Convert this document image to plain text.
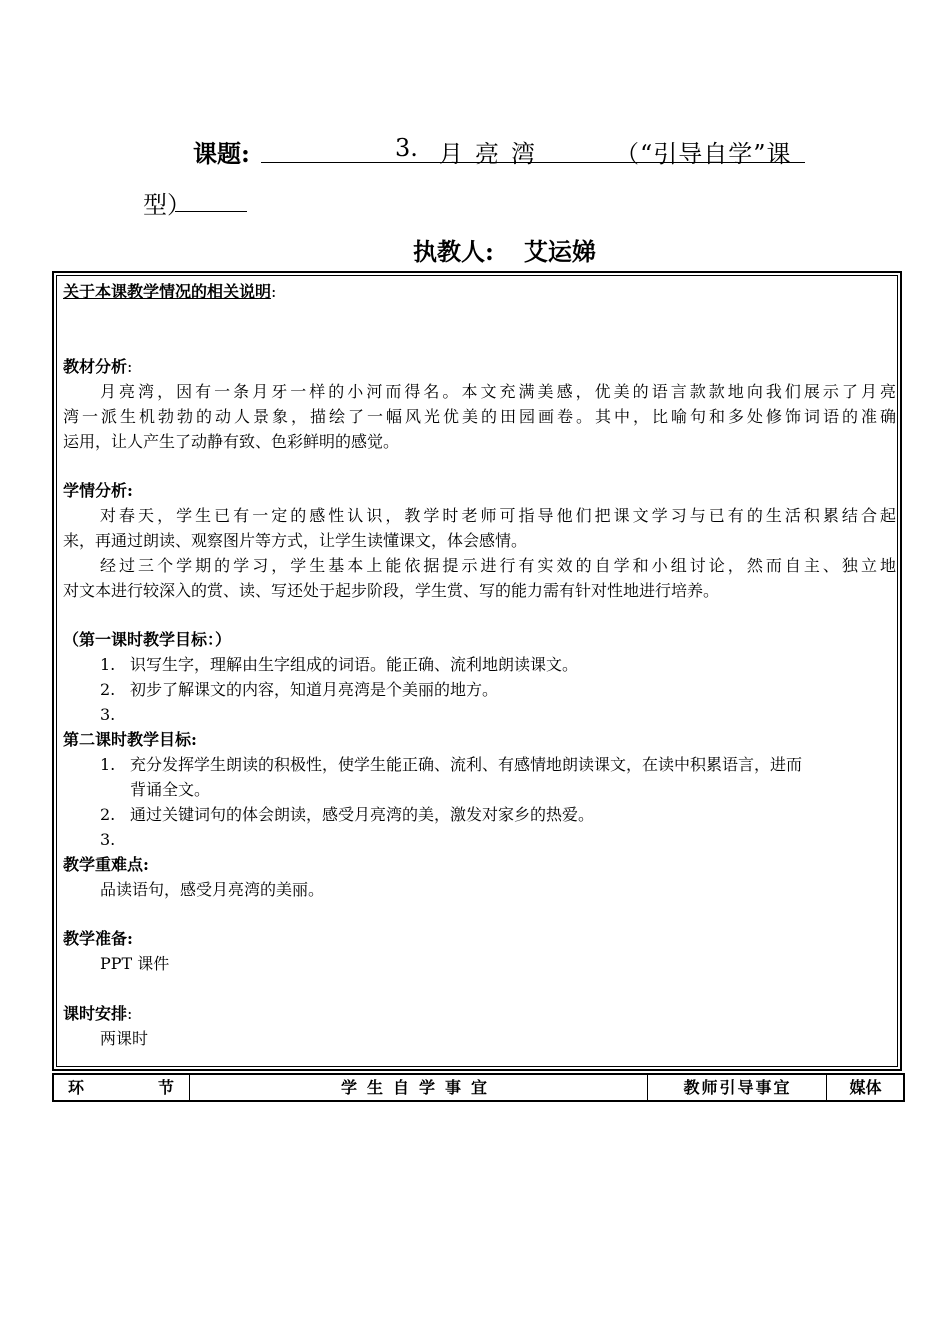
课题:	3. 月亮湾	（“引导自学”课
型）
执教人: 艾运娣
关于本课教学情况的相关说明:
教材分析:
月亮湾，因有一条月牙一样的小河而得名。本文充满美感，优美的语言款款地向我们展示了月亮
湾一派生机勃勃的动人景象，描绘了一幅风光优美的田园画卷。其中，比喻句和多处修饰词语的准确
运用，让人产生了动静有致、色彩鲜明的感觉。
学情分析:
对春天，学生已有一定的感性认识，教学时老师可指导他们把课文学习与已有的生活积累结合起
来，再通过朗读、观察图片等方式，让学生读懂课文，体会感情。
经过三个学期的学习，学生基本上能依据提示进行有实效的自学和小组讨论，然而自主、独立地
对文本进行较深入的赏、读、写还处于起步阶段，学生赏、写的能力需有针对性地进行培养。
（第一课时教学目标：）
1. 识写生字，理解由生字组成的词语。能正确、流利地朗读课文。
2. 初步了解课文的内容，知道月亮湾是个美丽的地方。
3.
第二课时教学目标:
1. 充分发挥学生朗读的积极性，使学生能正确、流利、有感情地朗读课文，在读中积累语言，进而
背诵全文。
2. 通过关键词句的体会朗读，感受月亮湾的美，激发对家乡的热爱。
3.
教学重难点:
品读语句，感受月亮湾的美丽。
教学准备:
PPT 课件
课时安排:
两课时
环	节	学生自学事宜	教师引导事宜	媒体
